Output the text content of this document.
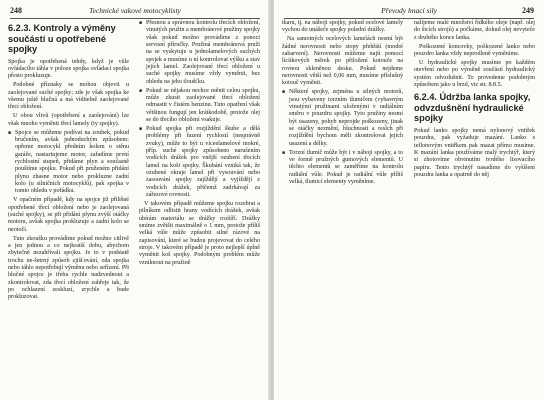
248	Technické vakové motocyklisty
6.2.3. Kontroly a výměny součástí u opotřebené spojky

Spojka je opotřebená tehdy, když je vůle ovládacího táhla v poloze spojka ovládací spojka přesto prokluzuje.

Podobné příznaky se mohou objevit u zaolejované suché spojky; zde je však spojka ke všemu ještě hlučná a má víditelně zaolejované třecí obložení.

U obou vlivů (opotřebení a zaolejování) lze však mnoho vyměnit třecí lamely (ty spojky).

■ Spojce se můžeme podívat na zoubek, pokud bručením, avšak jednoduchým způsobem: opřeme motocykl předním kolem o stěnu garáže, nastartujeme motor, zařadíme první rychlostní stupeň, přidáme plyn a současně pouštíme spojku. Pokud při pruženém přidání plynu zhasne motor nebo prokluzne zadní kolo (u silničních motocyklů), pak spojka v tomto ohledu v pořádku.

V opačném případě, kdy na spojce již přilišné opotřebené třecí obložení nebo je zaolejovaná (suché spojky), se při přidání plynu zvýší otáčky motoru, avšak spojka prokluzuje a zadní kolo se neotočí.

Tuto zkoušku provádíme pokud možno citlivě a jen jednou a co nejkratší dobu, abychom zbytečně nezahřívali spojku. Je to v podstatě trochu ne-šetrný způsob zjišťování, zda spojka nebo táhlo nepotřebují výměnu nebo seřízení. Při hlučné spojce je třeba rychle nadzvednout a zkontrolovat, zda třecí obložení zahřeje tak, že po ochlazení zeskluzí, zrychle a bude prokluzovat.

■ Přesnou a správnou kontrolu třecích obložení, vinutých pružin a membránové pružiny spojky však pokud možno provádíme z ponoci servisní příručky. Pružiná membránová pruži na se vyskytuje u jednolamelových suchých spojek a musíme u ní kontrolovat výšku a stav jejích lamel. Zaolejované třecí obložení u suché spojky musíme vždy vyměnit, bez ohledu na jeho tloušťku.

■ Pokud se nějakou nechce měnit celou spojku, může zkusit zaolejované třecí obložení odmastit v čistém benzinu. Tuto opatření však většinou fungují jen krátkodobě, protože olej se do třecího obložení vsakuje.

■ Pokud spojka při rozjíždění škube a dělá problémy při řazení rychlostí (nesprávně zvuky), může to být u víceelamelové mokré, příp. suché spojky způsobeno narušením vodících drážek pro vnější ozubení třecích lamel na koši spojky. Škubání vzniká tak, že ozubené okraje lamel při vysouvání nebo zasouvání spojky zajíždějí a vyjíždějí z vodicích drážek, přičemž zadrhávají za zářezové rovnosti.

V takovém případě můžeme spojku rozebrat a pilníkem odlistit hrany vodících drážek, avšak ubírám materiálu se drážky rozšíří. Drážky smíme zvětšit maximálně o 1 mm, protože příliš velká vůle může způsobit silné rázové na zapisování, které se budou projevovat do celého stroje. V takovém případě je proto nejlepší úplně vyměnit koš spojky. Podobným problém může vzniknout na pružině

Převody hnací sily	249

tkaru, tj. na náboji spojky, pokud ocelové lamely vychou do unášeče spojky polední drážky.

Na samotných ocelových lamelách nesmí být žádné nerovnosti nebo stopy přehřátí (modré zabarvení). Nerovnosti můžeme najít pomocí lícítkových měrek po přiložení kotouče na rovnou skleněnou desku. Pokud nejdeme nerovnosti větší než 0,06 mm, musíme příslušný kotouč vyměnit.

■ Některé spojky, zejména u silných motorů, jsou vybaveny torzním tlumičem (vybavným vinutými pružinami uloženými v radiálním směru v pouzdru spojky. Tyto pružiny nesmí být usazeny, pohyb neprojde poškozeny, jinak se otáčky nezmění, hluchnosti a reslch při rozjíždění bychom měli zkontrolovat jejich usazení a délky.

■ Torzní tlumič může být i v náboji spojky, a to ve formě pružných gumových elementů. U těchto elementů se zaměříme na kontrolu radiální vůle. Pokud je radiální vůle příliš velká, tlumicí elementy vyměníme.

nalijeme malé množství řídkého oleje (např. olej do šicích strojů) a počkáme, dokud olej nevyteče z druhého konce lanka.

Poškozené koncovky, poškozené lanko nebo pouzdro lanka vždy neprodleně vyměníme.

U hydraulické spojky musíme po každém otevření nebo po výměně součástí hydraulický systém odvzdušnit. To provedeme podobným způsobem jako u brzd, viz str. 8.8.5.

6.2.4. Údržba lanka spojky, odvzdušnění hydraulické spojky

Pokud lanko spojky nemá nylonový vnitřek pouzdra, pak vyžaduje mazání. Lanko s teflonovým vnitřkem pak mazat přímo musíme. K mazání lanka používáme malý trychtýř, který si zhotovíme obvinutím tvrdého lisovacího papíru. Tento trychtýř nasadíme do vyšíšení pouzdra lanka a opatrně do něj
